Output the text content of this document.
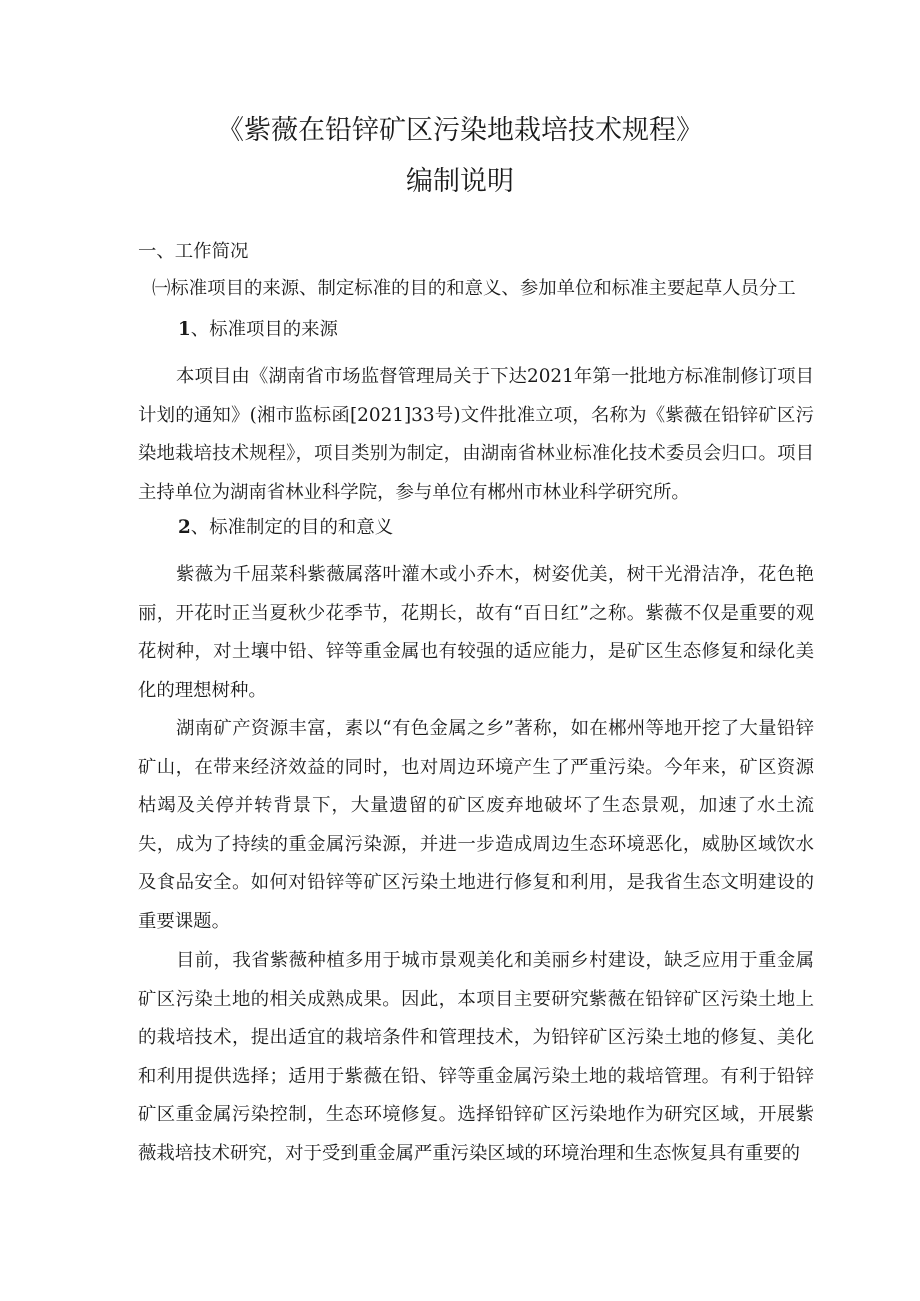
《紫薇在铅锌矿区污染地栽培技术规程》
编制说明
一、工作简况
㈠标准项目的来源、制定标准的目的和意义、参加单位和标准主要起草人员分工
1、标准项目的来源
本项目由《湖南省市场监督管理局关于下达2021年第一批地方标准制修订项目计划的通知》(湘市监标函[2021]33号)文件批准立项，名称为《紫薇在铅锌矿区污染地栽培技术规程》，项目类别为制定，由湖南省林业标准化技术委员会归口。项目主持单位为湖南省林业科学院，参与单位有郴州市林业科学研究所。
2、标准制定的目的和意义
紫薇为千屈菜科紫薇属落叶灌木或小乔木，树姿优美，树干光滑洁净，花色艳丽，开花时正当夏秋少花季节，花期长，故有“百日红”之称。紫薇不仅是重要的观花树种，对土壤中铅、锌等重金属也有较强的适应能力，是矿区生态修复和绿化美化的理想树种。
湖南矿产资源丰富，素以“有色金属之乡”著称，如在郴州等地开挖了大量铅锌矿山，在带来经济效益的同时，也对周边环境产生了严重污染。今年来，矿区资源枯竭及关停并转背景下，大量遗留的矿区废弃地破坏了生态景观，加速了水土流失，成为了持续的重金属污染源，并进一步造成周边生态环境恶化，威胁区域饮水及食品安全。如何对铅锌等矿区污染土地进行修复和利用，是我省生态文明建设的重要课题。
目前，我省紫薇种植多用于城市景观美化和美丽乡村建设，缺乏应用于重金属矿区污染土地的相关成熟成果。因此，本项目主要研究紫薇在铅锌矿区污染土地上的栽培技术，提出适宜的栽培条件和管理技术，为铅锌矿区污染土地的修复、美化和利用提供选择；适用于紫薇在铅、锌等重金属污染土地的栽培管理。有利于铅锌矿区重金属污染控制，生态环境修复。选择铅锌矿区污染地作为研究区域，开展紫薇栽培技术研究，对于受到重金属严重污染区域的环境治理和生态恢复具有重要的
